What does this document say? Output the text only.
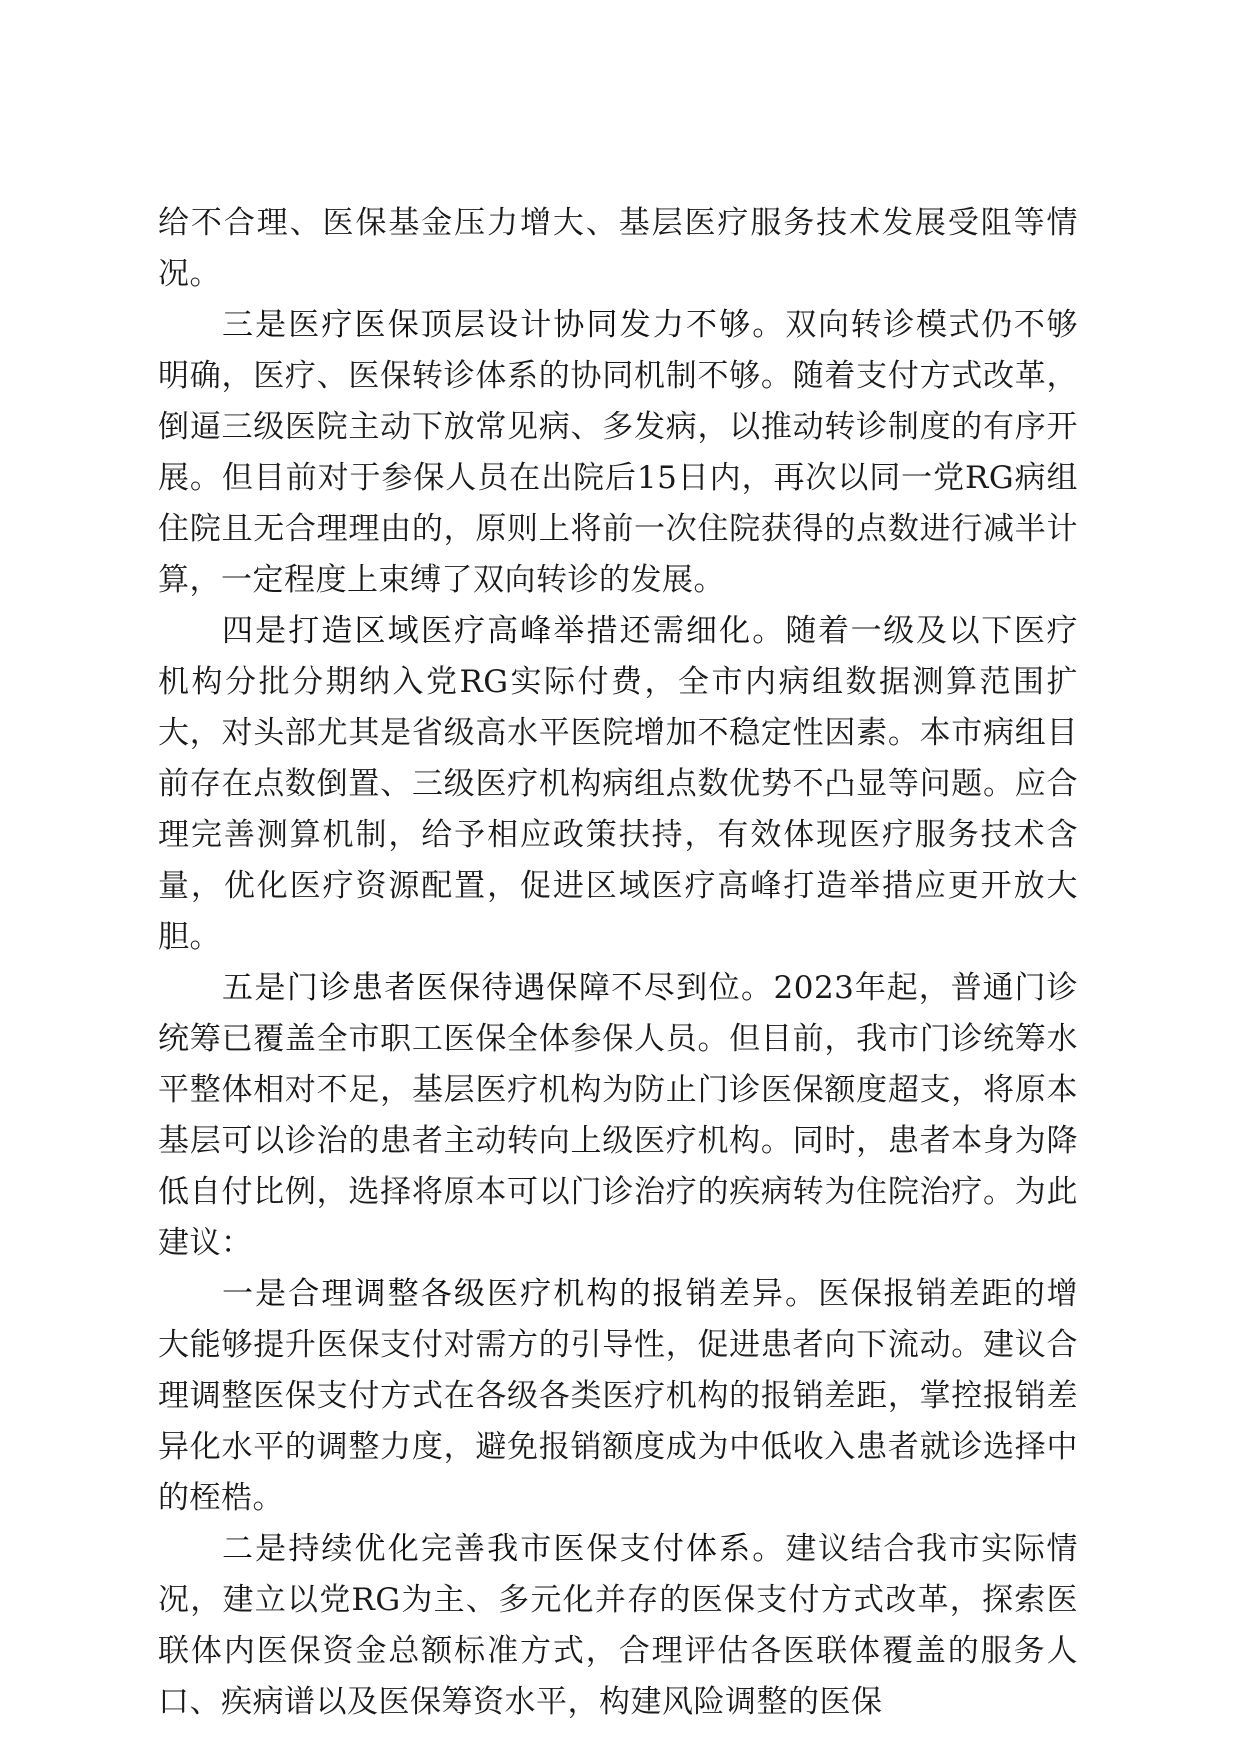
给不合理、医保基金压力增大、基层医疗服务技术发展受阻等情况。

三是医疗医保顶层设计协同发力不够。双向转诊模式仍不够明确，医疗、医保转诊体系的协同机制不够。随着支付方式改革，倒逼三级医院主动下放常见病、多发病，以推动转诊制度的有序开展。但目前对于参保人员在出院后15日内，再次以同一党RG病组住院且无合理理由的，原则上将前一次住院获得的点数进行减半计算，一定程度上束缚了双向转诊的发展。

四是打造区域医疗高峰举措还需细化。随着一级及以下医疗机构分批分期纳入党RG实际付费，全市内病组数据测算范围扩大，对头部尤其是省级高水平医院增加不稳定性因素。本市病组目前存在点数倒置、三级医疗机构病组点数优势不凸显等问题。应合理完善测算机制，给予相应政策扶持，有效体现医疗服务技术含量，优化医疗资源配置，促进区域医疗高峰打造举措应更开放大胆。

五是门诊患者医保待遇保障不尽到位。2023年起，普通门诊统筹已覆盖全市职工医保全体参保人员。但目前，我市门诊统筹水平整体相对不足，基层医疗机构为防止门诊医保额度超支，将原本基层可以诊治的患者主动转向上级医疗机构。同时，患者本身为降低自付比例，选择将原本可以门诊治疗的疾病转为住院治疗。为此建议：

一是合理调整各级医疗机构的报销差异。医保报销差距的增大能够提升医保支付对需方的引导性，促进患者向下流动。建议合理调整医保支付方式在各级各类医疗机构的报销差距，掌控报销差异化水平的调整力度，避免报销额度成为中低收入患者就诊选择中的桎梏。

二是持续优化完善我市医保支付体系。建议结合我市实际情况，建立以党RG为主、多元化并存的医保支付方式改革，探索医联体内医保资金总额标准方式，合理评估各医联体覆盖的服务人口、疾病谱以及医保筹资水平，构建风险调整的医保
